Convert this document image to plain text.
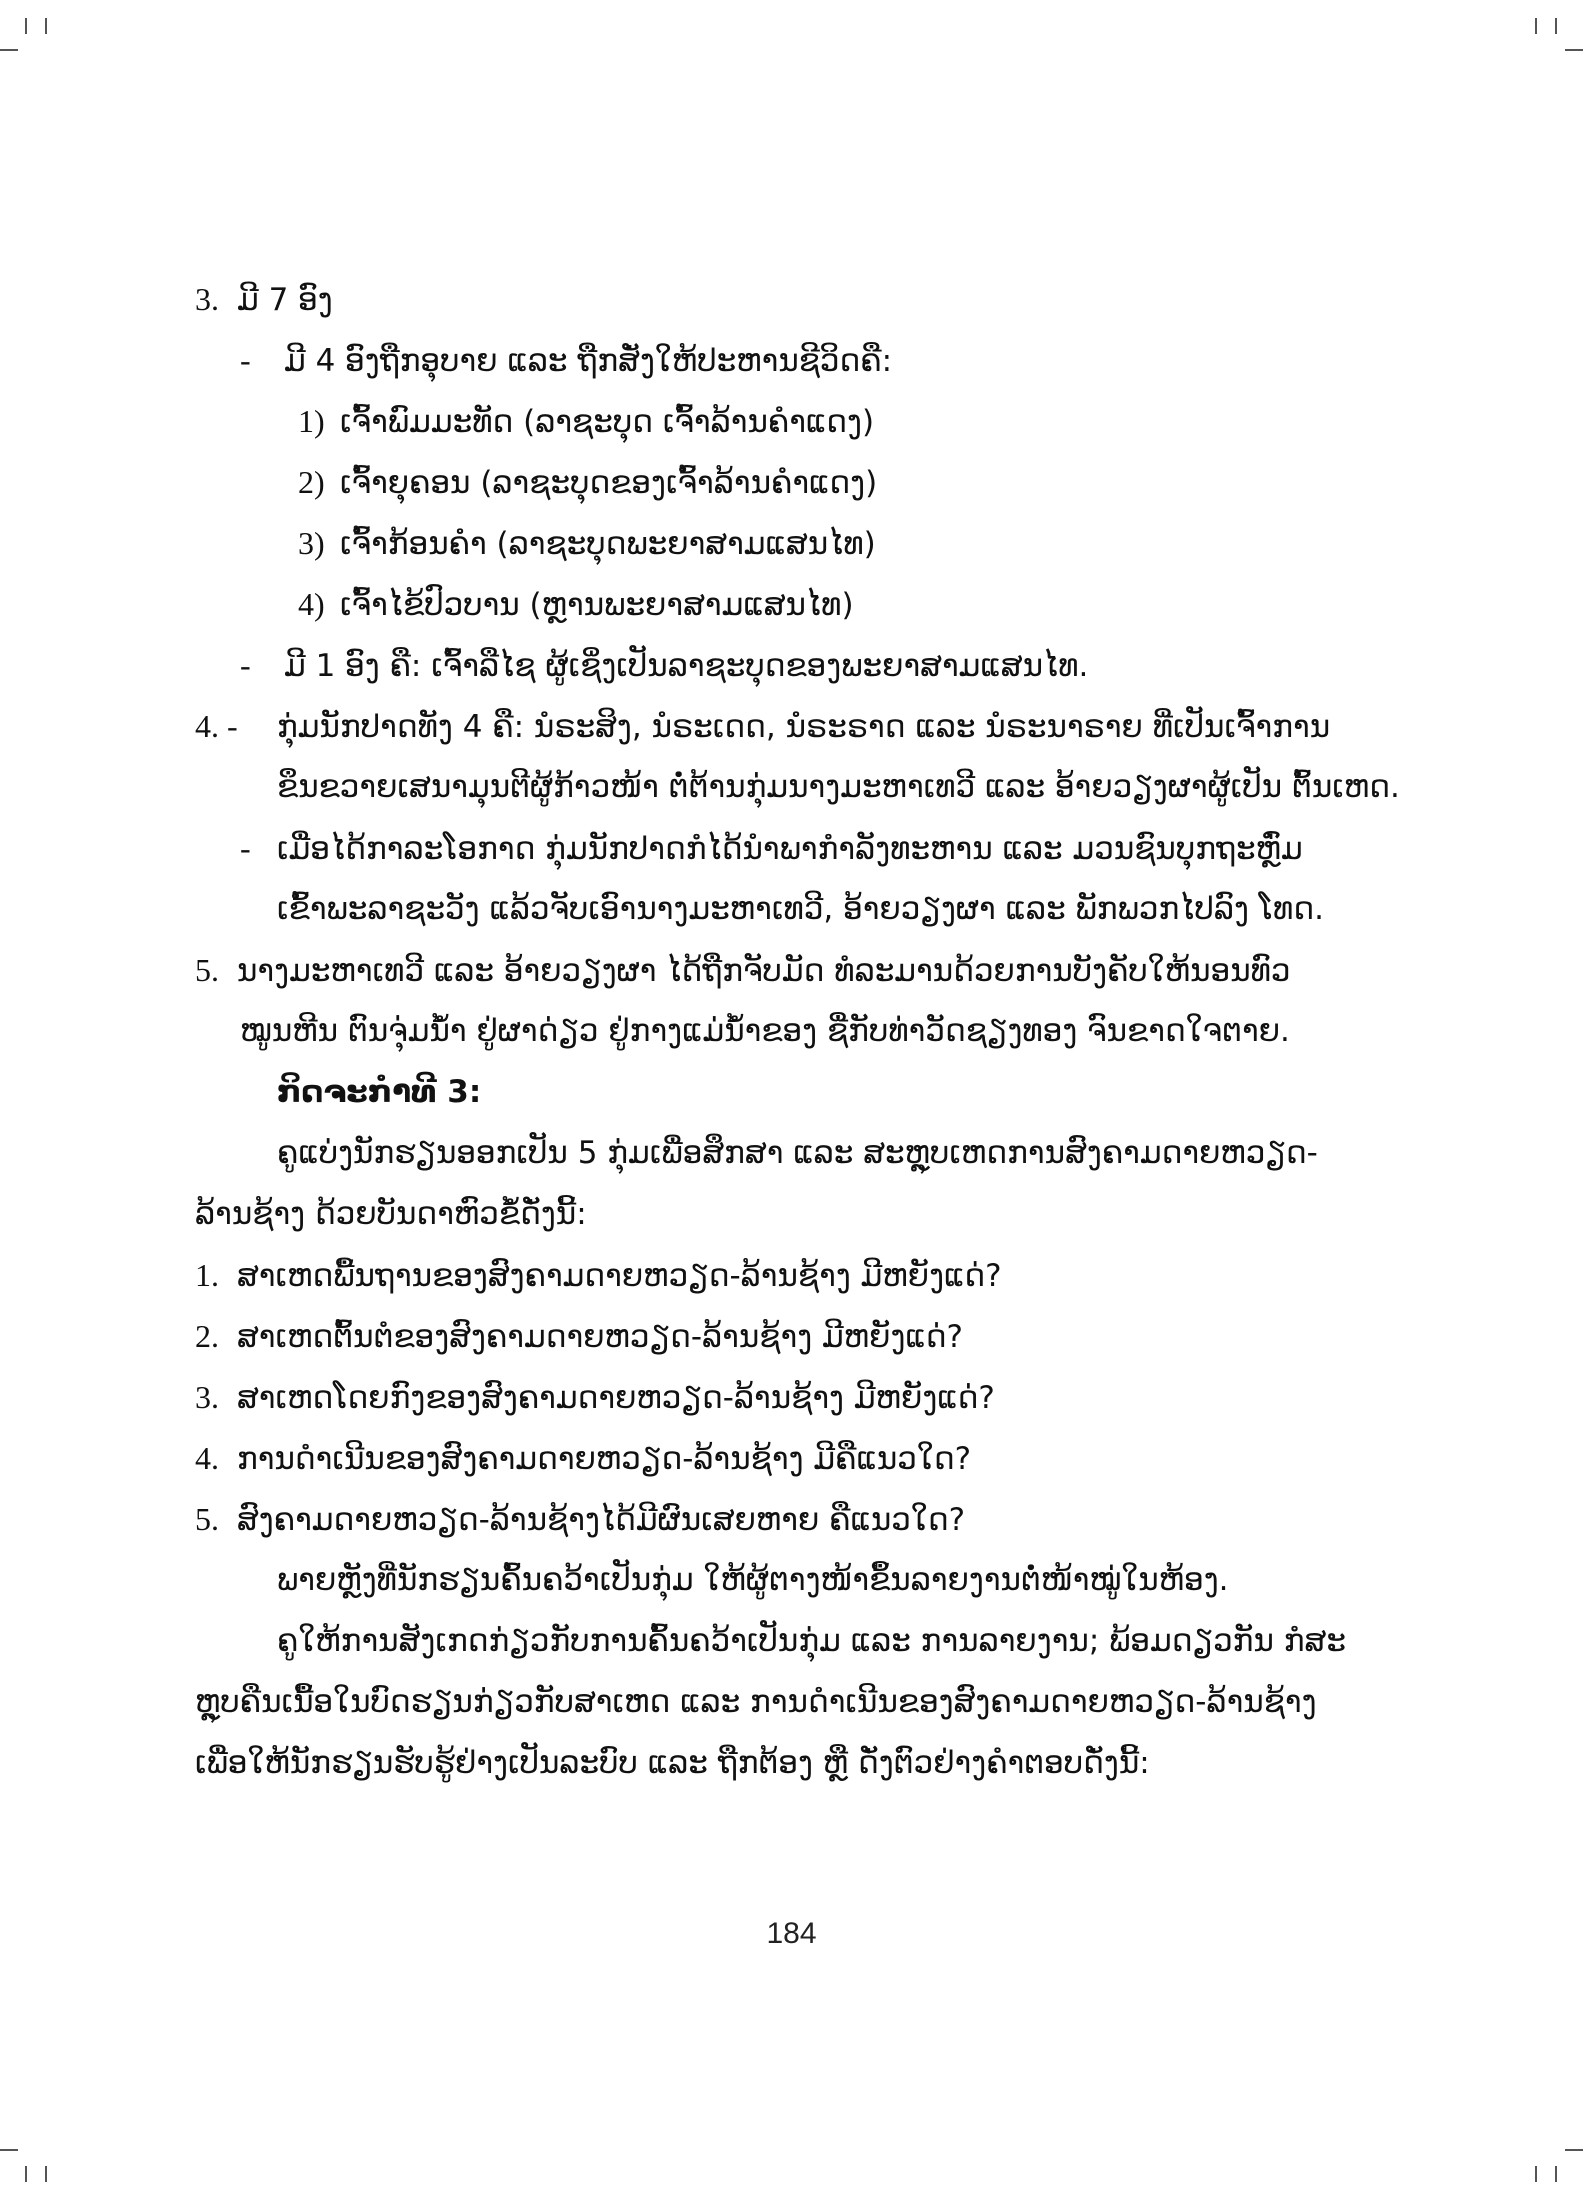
3. ມີ 7 ອົງ
- ມີ 4 ອົງຖືກອຸບາຍ ແລະ ຖືກສັ່ງໃຫ້ປະຫານຊີວິດຄື:
1) ເຈົ້າພົມມະທັດ (ລາຊະບຸດ ເຈົ້າລ້ານຄຳແດງ)
2) ເຈົ້າຍຸຄອນ (ລາຊະບຸດຂອງເຈົ້າລ້ານຄຳແດງ)
3) ເຈົ້າກ້ອນຄຳ (ລາຊະບຸດພະຍາສາມແສນໄທ)
4) ເຈົ້າໄຂ້ປົວບານ (ຫຼານພະຍາສາມແສນໄທ)
- ມີ 1 ອົງ ຄື: ເຈົ້າລືໄຊ ຜູ້ເຊິ່ງເປັນລາຊະບຸດຂອງພະຍາສາມແສນໄທ.
4. - ກຸ່ມນັກປາດທັງ 4 ຄື: ນໍຣະສິງ, ນໍຣະເດດ, ນໍຣະຣາດ ແລະ ນໍຣະນາຣາຍ ທີ່ເປັນເຈົ້າການ
ຂຶນຂວາຍເສນາມຸນຕີຜູ້ກ້າວໜ້າ ຕໍ່ຕ້ານກຸ່ມນາງມະຫາເທວີ ແລະ ອ້າຍວຽງຜາຜູ້ເປັນ ຕົ້ນເຫດ.
- ເມື່ອໄດ້ກາລະໂອກາດ ກຸ່ມນັກປາດກໍໄດ້ນຳພາກຳລັງທະຫານ ແລະ ມວນຊົນບຸກຖະຫຼົ່ມ
ເຂົ້າພະລາຊະວັງ ແລ້ວຈັບເອົານາງມະຫາເທວີ, ອ້າຍວຽງຜາ ແລະ ພັກພວກໄປລົງ ໂທດ.
5. ນາງມະຫາເທວີ ແລະ ອ້າຍວຽງຜາ ໄດ້ຖືກຈັບມັດ ທໍລະມານດ້ວຍການບັງຄັບໃຫ້ນອນທົວ
ໝູນຫີນ ຕົນຈຸ່ມນ້ຳ ຢູ່ຜາດ່ຽວ ຢູ່ກາງແມ່ນ້ຳຂອງ ຊື່ກັບທ່າວັດຊຽງທອງ ຈົນຂາດໃຈຕາຍ.
ກິດຈະກຳທີ 3:
ຄູແບ່ງນັກຮຽນອອກເປັນ 5 ກຸ່ມເພື່ອສຶກສາ ແລະ ສະຫຼຸບເຫດການສົງຄາມດາຍຫວຽດ-
ລ້ານຊ້າງ ດ້ວຍບັນດາຫົວຂໍ້ດັ່ງນີ້:
1. ສາເຫດພື້ນຖານຂອງສົງຄາມດາຍຫວຽດ-ລ້ານຊ້າງ ມີຫຍັງແດ່?
2. ສາເຫດຕົ້ນຕໍຂອງສົງຄາມດາຍຫວຽດ-ລ້ານຊ້າງ ມີຫຍັງແດ່?
3. ສາເຫດໂດຍກົງຂອງສົງຄາມດາຍຫວຽດ-ລ້ານຊ້າງ ມີຫຍັງແດ່?
4. ການດຳເນີນຂອງສົງຄາມດາຍຫວຽດ-ລ້ານຊ້າງ ມີຄືແນວໃດ?
5. ສົງຄາມດາຍຫວຽດ-ລ້ານຊ້າງໄດ້ມີຜົນເສຍຫາຍ ຄືແນວໃດ?
ພາຍຫຼັງທີ່ນັກຮຽນຄົ້ນຄວ້າເປັນກຸ່ມ ໃຫ້ຜູ້ຕາງໜ້າຂຶ້ນລາຍງານຕໍ່ໜ້າໝູ່ໃນຫ້ອງ.
ຄູໃຫ້ການສັງເກດກ່ຽວກັບການຄົ້ນຄວ້າເປັນກຸ່ມ ແລະ ການລາຍງານ; ພ້ອມດຽວກັນ ກໍສະ
ຫຼຸບຄືນເນື້ອໃນບົດຮຽນກ່ຽວກັບສາເຫດ ແລະ ການດຳເນີນຂອງສົງຄາມດາຍຫວຽດ-ລ້ານຊ້າງ
ເພື່ອໃຫ້ນັກຮຽນຮັບຮູ້ຢ່າງເປັນລະບົບ ແລະ ຖືກຕ້ອງ ຫຼື ດັ່ງຕົວຢ່າງຄຳຕອບດັ່ງນີ້:
184
